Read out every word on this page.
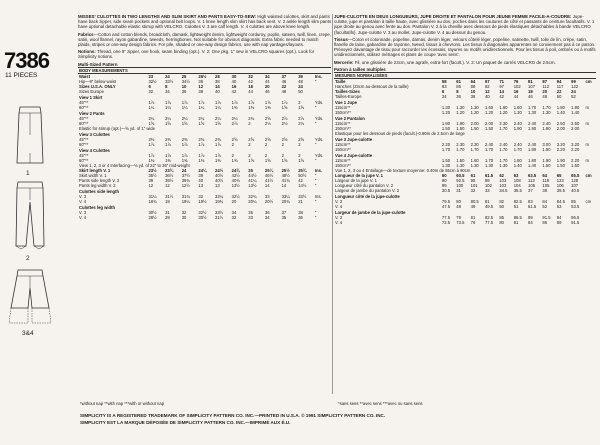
7386
11 PIECES
1
2
3&4
MISSES' CULOTTES IN TWO LENGTHS AND SLIM SKIRT AND PANTS EASY-TO-SEW: High waisted culottes, skirt and pants have back zipper, side seam pockets and optional belt loops. V. 1 knee length slim skirt has back vent. V. 2 ankle length slim pants have optional detachable elastic stirrup with VELCRO. Culottes V. 3 are calf length. V. 4 culottes are above knee length.
Fabrics—Cotton and cotton blends, broadcloth, damask, lightweight denim, lightweight corduroy, poplin, sateen, twill, linen, crepe, satin, wool flannel, rayon gabardine, tweeds, herringbones. Not suitable for obvious diagonals. Extra fabric needed to match plaids, stripes or one-way design fabrics. For pile, shaded or one-way design fabrics, use with nap yardages/layouts.
Notions: Thread, one 9" zipper, one hook, seam binding (opt.). V. 2: One pkg. 1" sew in VELCRO squares (opt.). Look for Simplicity notions.
Multi-Sized Pattern
BODY MEASUREMENTS											
Waist	23	24	25	26½	28	30	32	34	37	39	Ins.
Hip—9" below waist	32½	33½	34½	36	38	40	42	44	46	48	"
Sizes U.S.A. ONLY	6	8	10	12	14	16	18	20	22	24	
Sizes Europe	32	34	36	38	40	42	44	46	48	50	
View 1 Skirt											
45"**	1⅞	1⅞	1⅞	1⅞	1⅞	1⅞	1⅞	1⅞	1⅞	2	Yds.
60"**	1¼	1¼	1¼	1¼	1¼	1⅜	1⅜	1⅜	1⅝	1⅝	"
View 2 Pants											
45"**	2¼	2¼	2¼	2¼	2¼	2¼	2¾	2⅝	2⅞	2⅞	Yds.
60"**	1⅝	1⅝	1⅝	1⅝	1⅝	2⅞	2	2⅛	2⅛	2⅛	"
Elastic for stirrup (opt.)—⅝ yd. of 1" wide											
View 3 Culottes											
45"**	2⅜	2⅜	2⅜	2⅜	2⅜	2⅝	2⅝	2⅝	2⅝	2⅝	Yds.
60"**	1⅞	1⅞	1⅞	1⅞	1⅞	2	2	2	2	2	"
View 4 Culottes											
45"**	1⅞	1⅞	1⅞	1⅞	1⅞	2	2	2	2	2	Yds.
60"**	1⅜	1⅜	1⅜	1⅜	1⅜	1⅜	1⅝	1⅝	1⅝	1⅝	"
View 1, 2, 3 or 4 Interfacing—⅛ yd. of 22" to 36" mid-weight											
Skirt length V. 1	23½	23¾	24	24¼	24½	24¾	25	25¼	25½	25¾	Ins.
Skirt width V. 1	35½	36½	37½	39	40½	42½	44½	46½	48½	50½	"
Pants side length V. 2	39	39½	39¾	40	40½	40¾	41¼	41½	41¾	42	"
Pants leg width V. 2	12	12	12½	13	13	13½	13½	14	14	14½	"
Culottes side length											
V. 3	31¼	31½	31¾	32	32¼	32½	32¾	33	33¼	33½	Ins.
V. 4	18¾	19	19¼	19½	19¾	20	20¼	20½	20¾	21	"
Culottes leg width											
V. 3	30½	31	32	32½	33½	34	35	36	37	38	"
V. 4	28½	29	30	30½	31½	32	33	34	35	36	"
JUPE-CULOTTE EN DEUX LONGUEURS, JUPE DROITE ET PANTALON POUR JEUNE FEMME FACILE-A-COUDRE: Jupe-culotte, jupe et pantalon à taille haute, avec glissière au dos, poches dans les coutures de côté et passants de ceinture facultatifs. V. 1 jupe droite au genou avec fente au dos. Pantalon V. 2 à la cheville avec dessous de pieds élastiques détachables à bande VELCRO (facultatifs). Jupe-culotte V. 3 au mollet. Jupe-culotte V. 4 au dessus du genou.
Tissus—Coton et cotonnade, popeline, damas, denim léger, velours côtelé léger, popeline, satinette, twill, toile de lin, crêpe, satin, flanelle de laine, gabardine de rayonne, tweed, tissus à chevrons. Les tissus à diagonales apparentes ne conviennent pas à ce patron. Prévoyez davantage de tissu pour raccorder les écossais, rayures ou motifs unidirectionnels. Pour les tissus à poil, ombrés ou à motifs unidirectionnels, utilisez métrages et plans de coupe 'avec sens'.
Mercerie: Fil, une glissière de 23cm, une agrafe, extra-fort (facult.). V. 2: Un paquet de carrés VELCRO de 2.5cm.
Patron à tailles multiples
MESURES NORMALISÉES											
Taille	58	61	64	67	71	76	81	87	94	99	cm
Hanches (23cm au-dessous de la taille)	83	85	88	92	97	102	107	112	117	122	
Tailles-Sizes	6	8	10	12	14	16	18	20	22	24	
Tailles-Europe	34	36	38	40	42	44	46	48	50	52	
Vue 1 Jupe											
115cm**	1.30	1.30	1.30	1.60	1.60	1.60	1.70	1.70	1.80	1.80	m
150cm**	1.20	1.20	1.20	1.20	1.20	1.30	1.30	1.30	1.40	1.40	
Vue 2 Pantalon											
115cm**	1.90	1.90	2.00	2.00	2.30	2.40	2.40	2.40	2.50	2.50	m
150cm**	1.50	1.50	1.50	1.50	1.70	1.90	1.90	1.90	2.00	2.00	
Elastique pour les dessous de pieds (facult.)-0.80m de 2.5cm de large											
Vue 3 Jupe-culotte											
115cm**	2.20	2.30	2.30	2.40	2.40	2.40	2.40	3.00	3.20	3.20	m
150cm**	1.70	1.70	1.70	1.70	1.70	1.70	1.80	1.90	2.20	2.20	
Vue 4 Jupe-culotte											
115cm**	1.50	1.50	1.60	1.70	1.70	1.80	1.80	1.90	1.90	2.20	m
150cm**	1.30	1.30	1.30	1.30	1.30	1.40	1.40	1.50	1.50	1.50	
Vue 1, 2, 3 ou 4 Entoilage—de texture moyenne: 0.40m de 55cm à 90cm											
Longueur de la jupe V. 1	60	60.5	61	61.5	62	63	63.5	64	65	65.5	cm
Largeur de la jupe V. 1	90	92.5	95	99	103	108	113	118	123	128	
Longueur côté du pantalon V. 2	99	100	101	102	103	104	105	105	106	107	
Largeur de jambe du pantalon V. 2	30.5	31	32	33	34.5	35.5	37	38	39.5	40.5	
Longueur côté de la jupe-culotte											
V. 3	79.5	80	80.5	81	82	82.5	83	84	84.5	85	cm
V. 4	47.5	48	49	49.5	50	51	51.5	52	53	53.5	
Largeur de jambe de la jupe-culotte											
V. 3	77.5	79	81	82.5	85	86.5	89	91.5	94	96.5	
V. 4	72.5	73.5	76	77.5	80	81	84	86	89	91.5	
*without nap **with nap ***with or without nap	*sans sens **avec sens ***avec ou sans sens
SIMPLICITY IS A REGISTERED TRADEMARK OF SIMPLICITY PATTERN CO. INC.—PRINTED IN U.S.A. © 1991 SIMPLICITY PATTERN CO. INC.
SIMPLICITY EST LA MARQUE DÉPOSÉE DE SIMPLICITY PATTERN CO. INC.—IMPRIMÉ AUX É.U.
